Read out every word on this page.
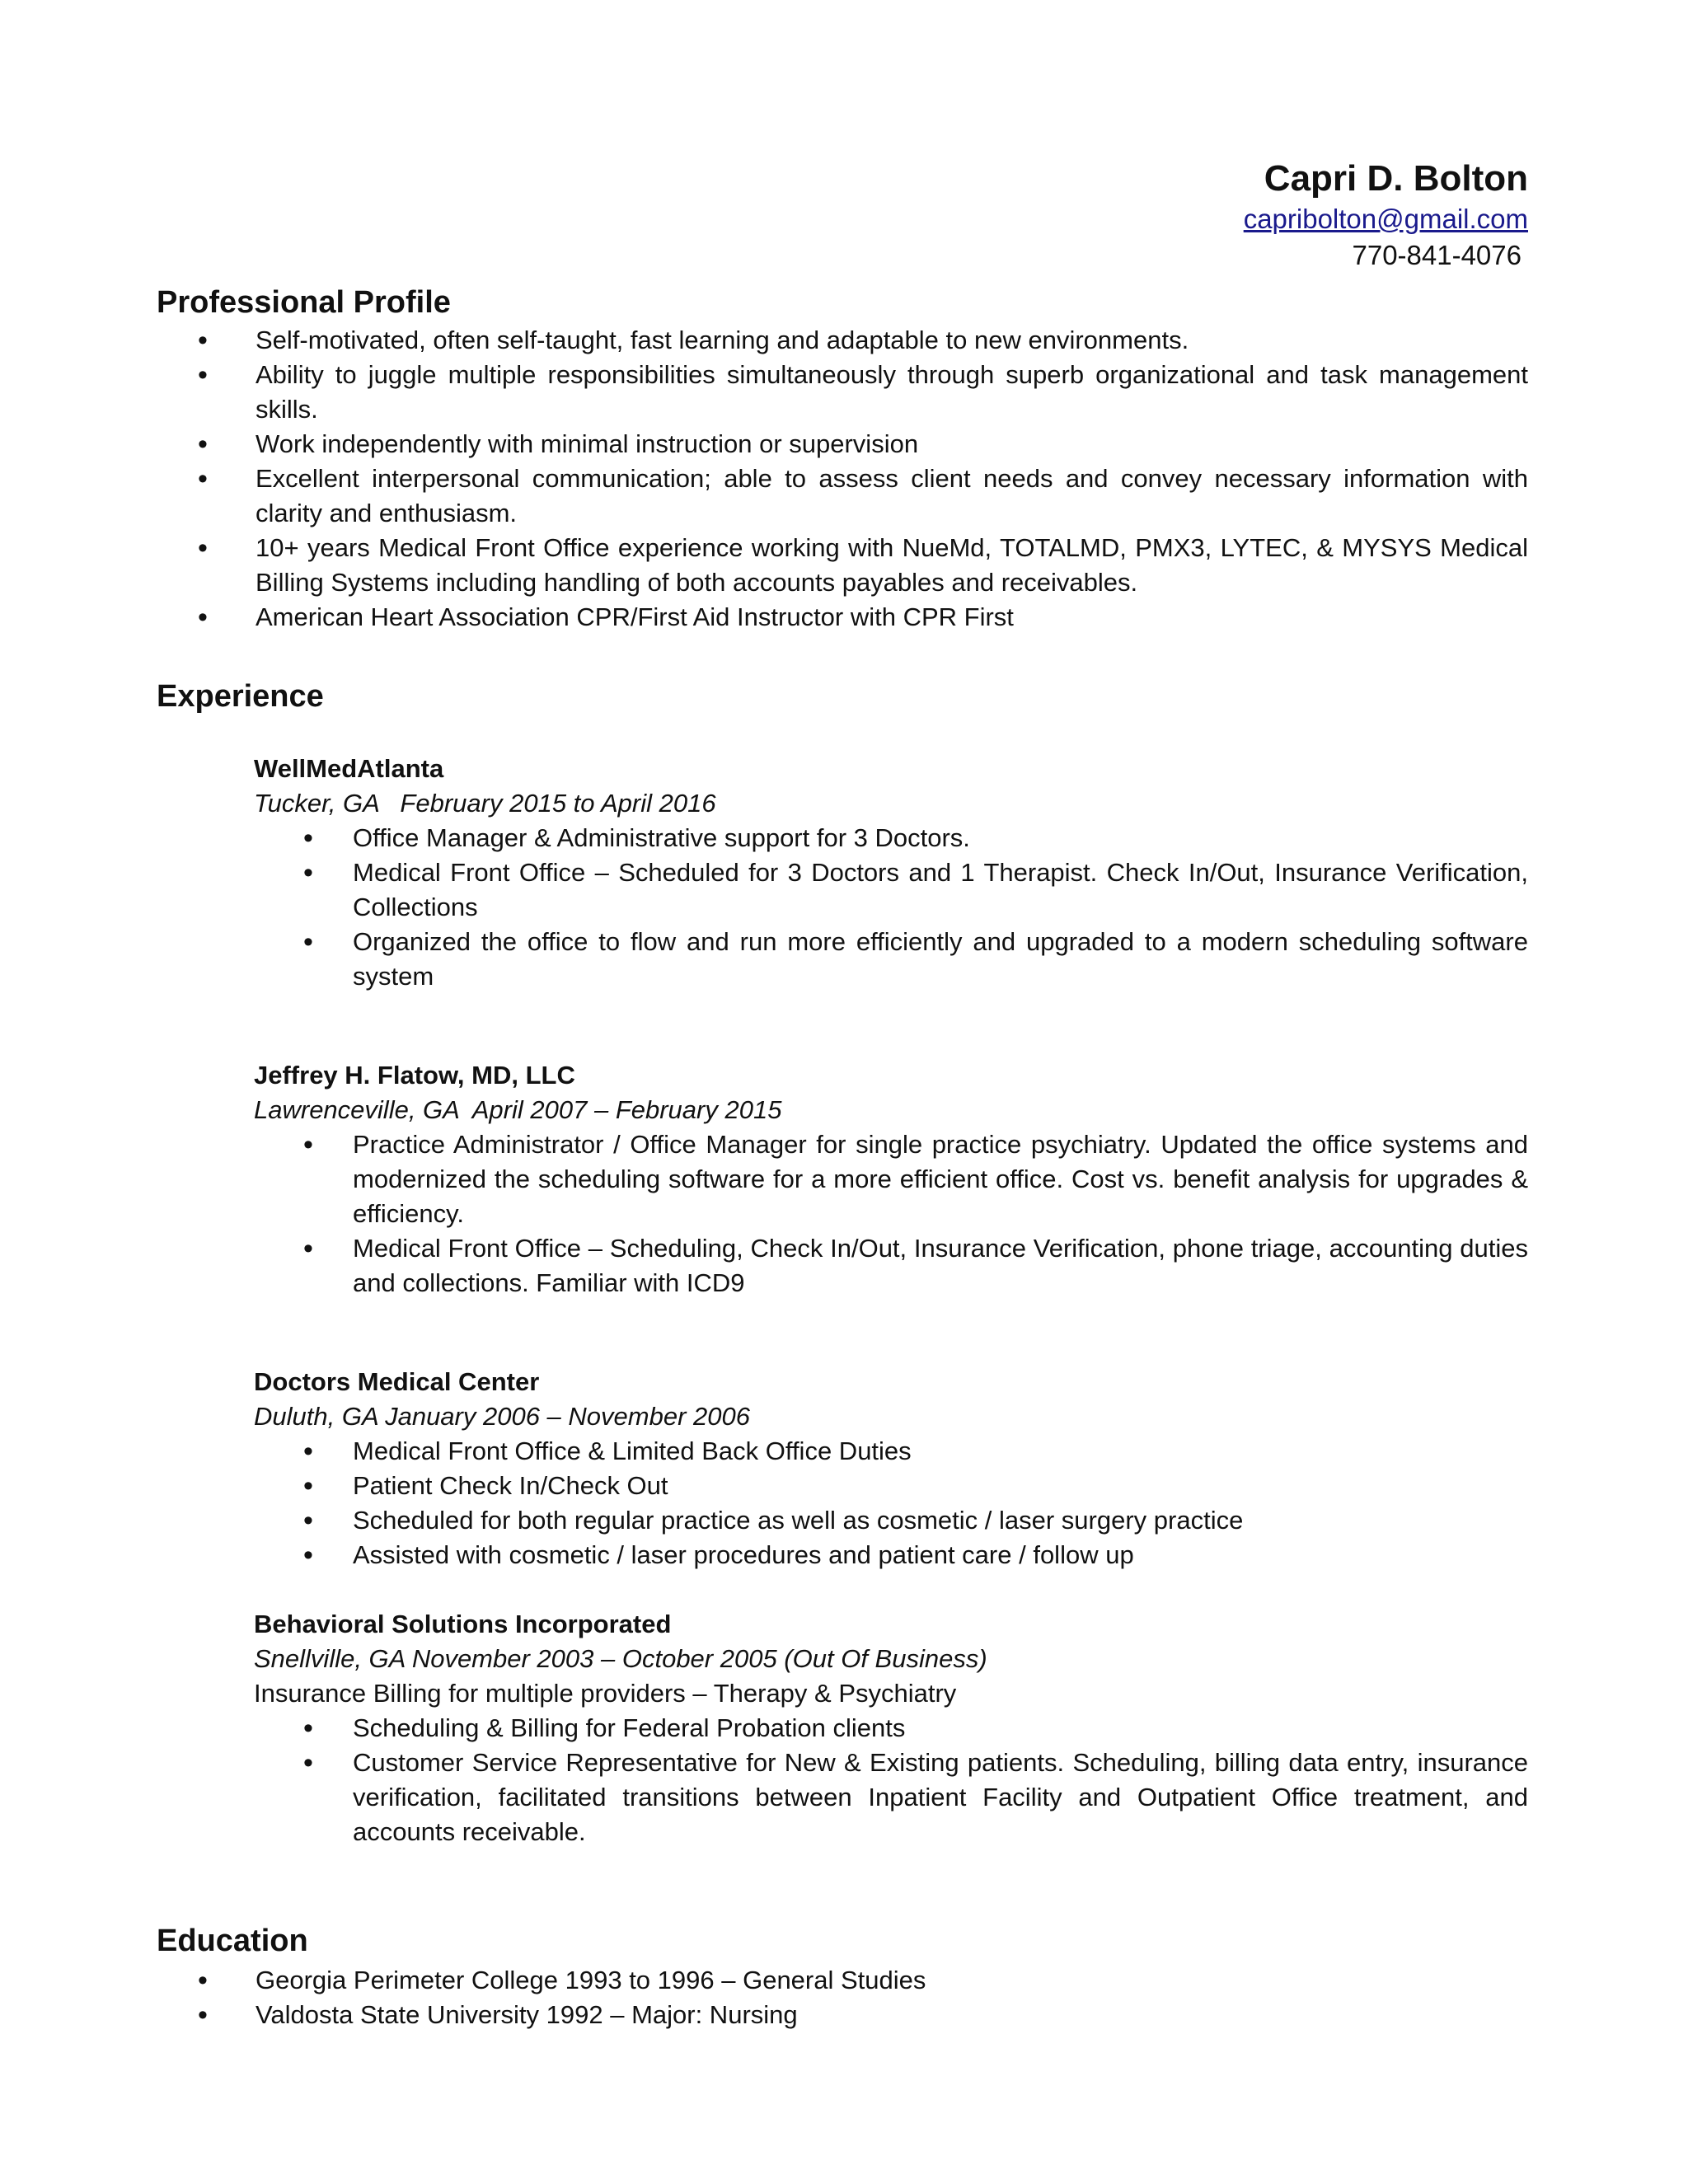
Capri D. Bolton
capribolton@gmail.com
770-841-4076
Professional Profile
• Self-motivated, often self-taught, fast learning and adaptable to new environments.
• Ability to juggle multiple responsibilities simultaneously through superb organizational and task management skills.
• Work independently with minimal instruction or supervision
• Excellent interpersonal communication; able to assess client needs and convey necessary information with clarity and enthusiasm.
• 10+ years Medical Front Office experience working with NueMd, TOTALMD, PMX3, LYTEC, & MYSYS Medical Billing Systems including handling of both accounts payables and receivables.
• American Heart Association CPR/First Aid Instructor with CPR First
Experience
WellMedAtlanta
Tucker, GA   February 2015 to April 2016
• Office Manager & Administrative support for 3 Doctors.
• Medical Front Office – Scheduled for 3 Doctors and 1 Therapist. Check In/Out, Insurance Verification, Collections
• Organized the office to flow and run more efficiently and upgraded to a modern scheduling software system
Jeffrey H. Flatow, MD, LLC
Lawrenceville, GA  April 2007 – February 2015
• Practice Administrator / Office Manager for single practice psychiatry. Updated the office systems and modernized the scheduling software for a more efficient office. Cost vs. benefit analysis for upgrades & efficiency.
• Medical Front Office – Scheduling, Check In/Out, Insurance Verification, phone triage, accounting duties and collections. Familiar with ICD9
Doctors Medical Center
Duluth, GA January 2006 – November 2006
• Medical Front Office & Limited Back Office Duties
• Patient Check In/Check Out
• Scheduled for both regular practice as well as cosmetic / laser surgery practice
• Assisted with cosmetic / laser procedures and patient care / follow up
Behavioral Solutions Incorporated
Snellville, GA November 2003 – October 2005 (Out Of Business)
Insurance Billing for multiple providers – Therapy & Psychiatry
• Scheduling & Billing for Federal Probation clients
• Customer Service Representative for New & Existing patients. Scheduling, billing data entry, insurance verification, facilitated transitions between Inpatient Facility and Outpatient Office treatment, and accounts receivable.
Education
• Georgia Perimeter College 1993 to 1996 – General Studies
• Valdosta State University 1992 – Major: Nursing
